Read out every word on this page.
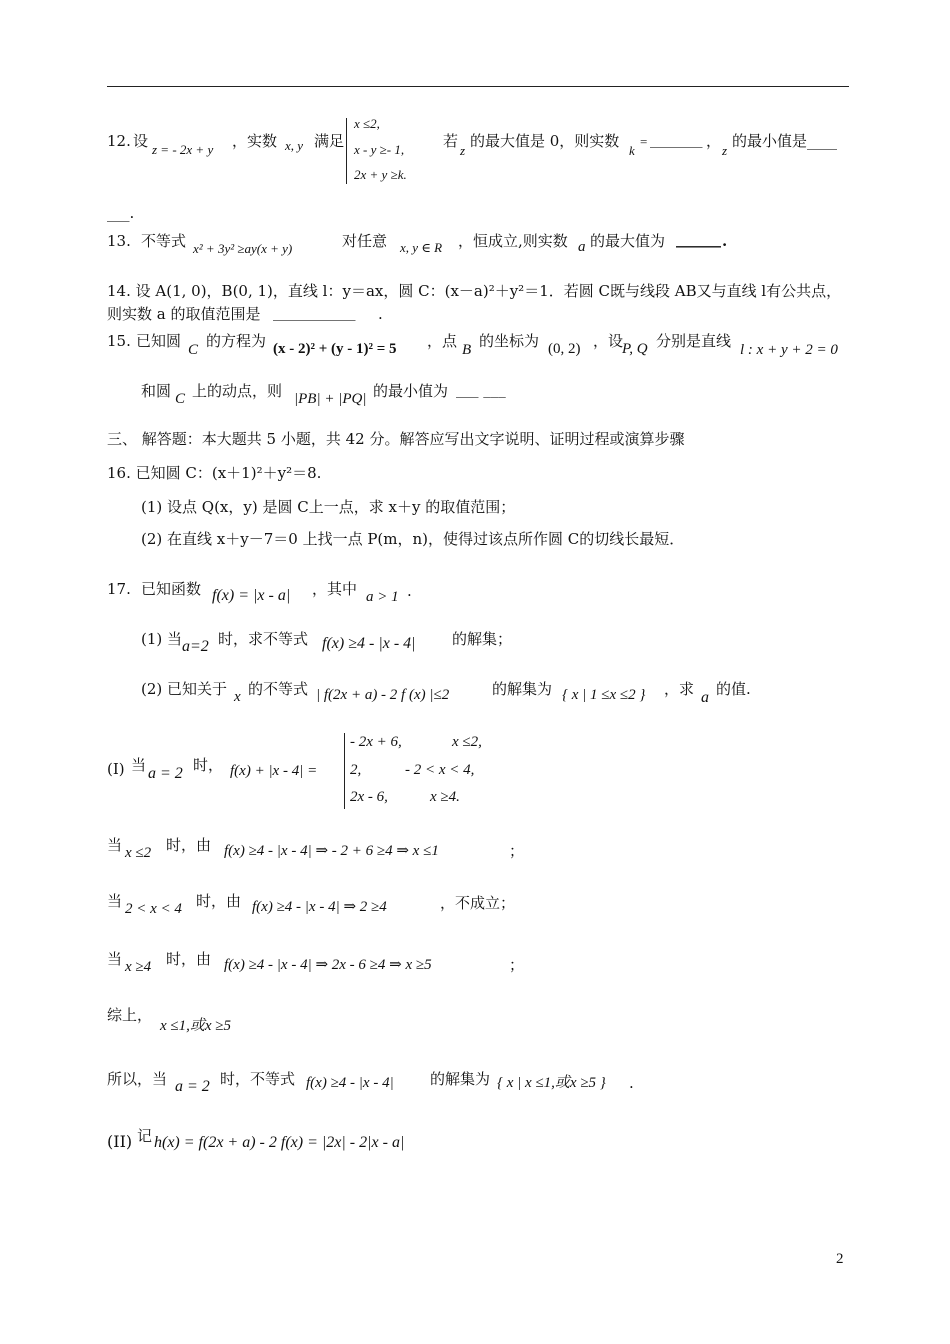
12. 设 z = - 2x + y ，实数 x, y 满足
x ≤2,
x - y ≥- 1,
2x + y ≥k.
若
z
的最大值是 0，则实数
k
= _______ ，
z
的最小值是____
___.
13. 不等式 x² + 3y² ≥ay(x + y)	对任意 x, y ∈ R ，恒成立,则实数 a 的最大值为 ______ .
14. 设 A(1, 0)，B(0, 1)，直线 l：y＝ax，圆 C：(x－a)²＋y²＝1．若圆 C既与线段 AB又与直线 l有公共点，
则实数 a 的取值范围是 ___________ .
15. 已知圆 C 的方程为 (x - 2)² + (y - 1)² = 5 ，点 B 的坐标为 (0, 2) ，设
P, Q 分别是直线 l : x + y + 2 = 0
和圆 C 上的动点，则 |PB| + |PQ| 的最小值为 ___ ___
三、 解答题：本大题共 5 小题，共 42 分。解答应写出文字说明、证明过程或演算步骤
16. 已知圆 C：(x＋1)²＋y²＝8.
(1) 设点 Q(x，y) 是圆 C上一点，求 x＋y 的取值范围；
(2) 在直线 x＋y－7＝0 上找一点 P(m，n)，使得过该点所作圆 C的切线长最短．
17. 已知函数 f(x) = |x - a| ，其中 a > 1 .
(1) 当 a=2 时，求不等式 f(x) ≥4 - |x - 4| 的解集；
(2) 已知关于 x 的不等式 | f(2x + a) - 2 f (x) |≤2	的解集为 { x | 1 ≤x ≤2 } ，求 a 的值.
(I) 当 a = 2 时， f(x) + |x - 4| =
- 2x + 6,	x ≤2,
2,	- 2 < x < 4,
2x - 6,	x ≥4.
当 x ≤2 时，由 f(x) ≥4 - |x - 4| ⇒ - 2 + 6 ≥4 ⇒ x ≤1	；
当 2 < x < 4 时，由 f(x) ≥4 - |x - 4| ⇒ 2 ≥4	，不成立；
当 x ≥4 时，由 f(x) ≥4 - |x - 4| ⇒ 2x - 6 ≥4 ⇒ x ≥5	；
综上，
x ≤1,或x ≥5
所以，当 a = 2 时，不等式 f(x) ≥4 - |x - 4| 的解集为 { x | x ≤1,或x ≥5 } .
(II) 记 h(x) = f(2x + a) - 2 f(x) = |2x| - 2|x - a|
2
